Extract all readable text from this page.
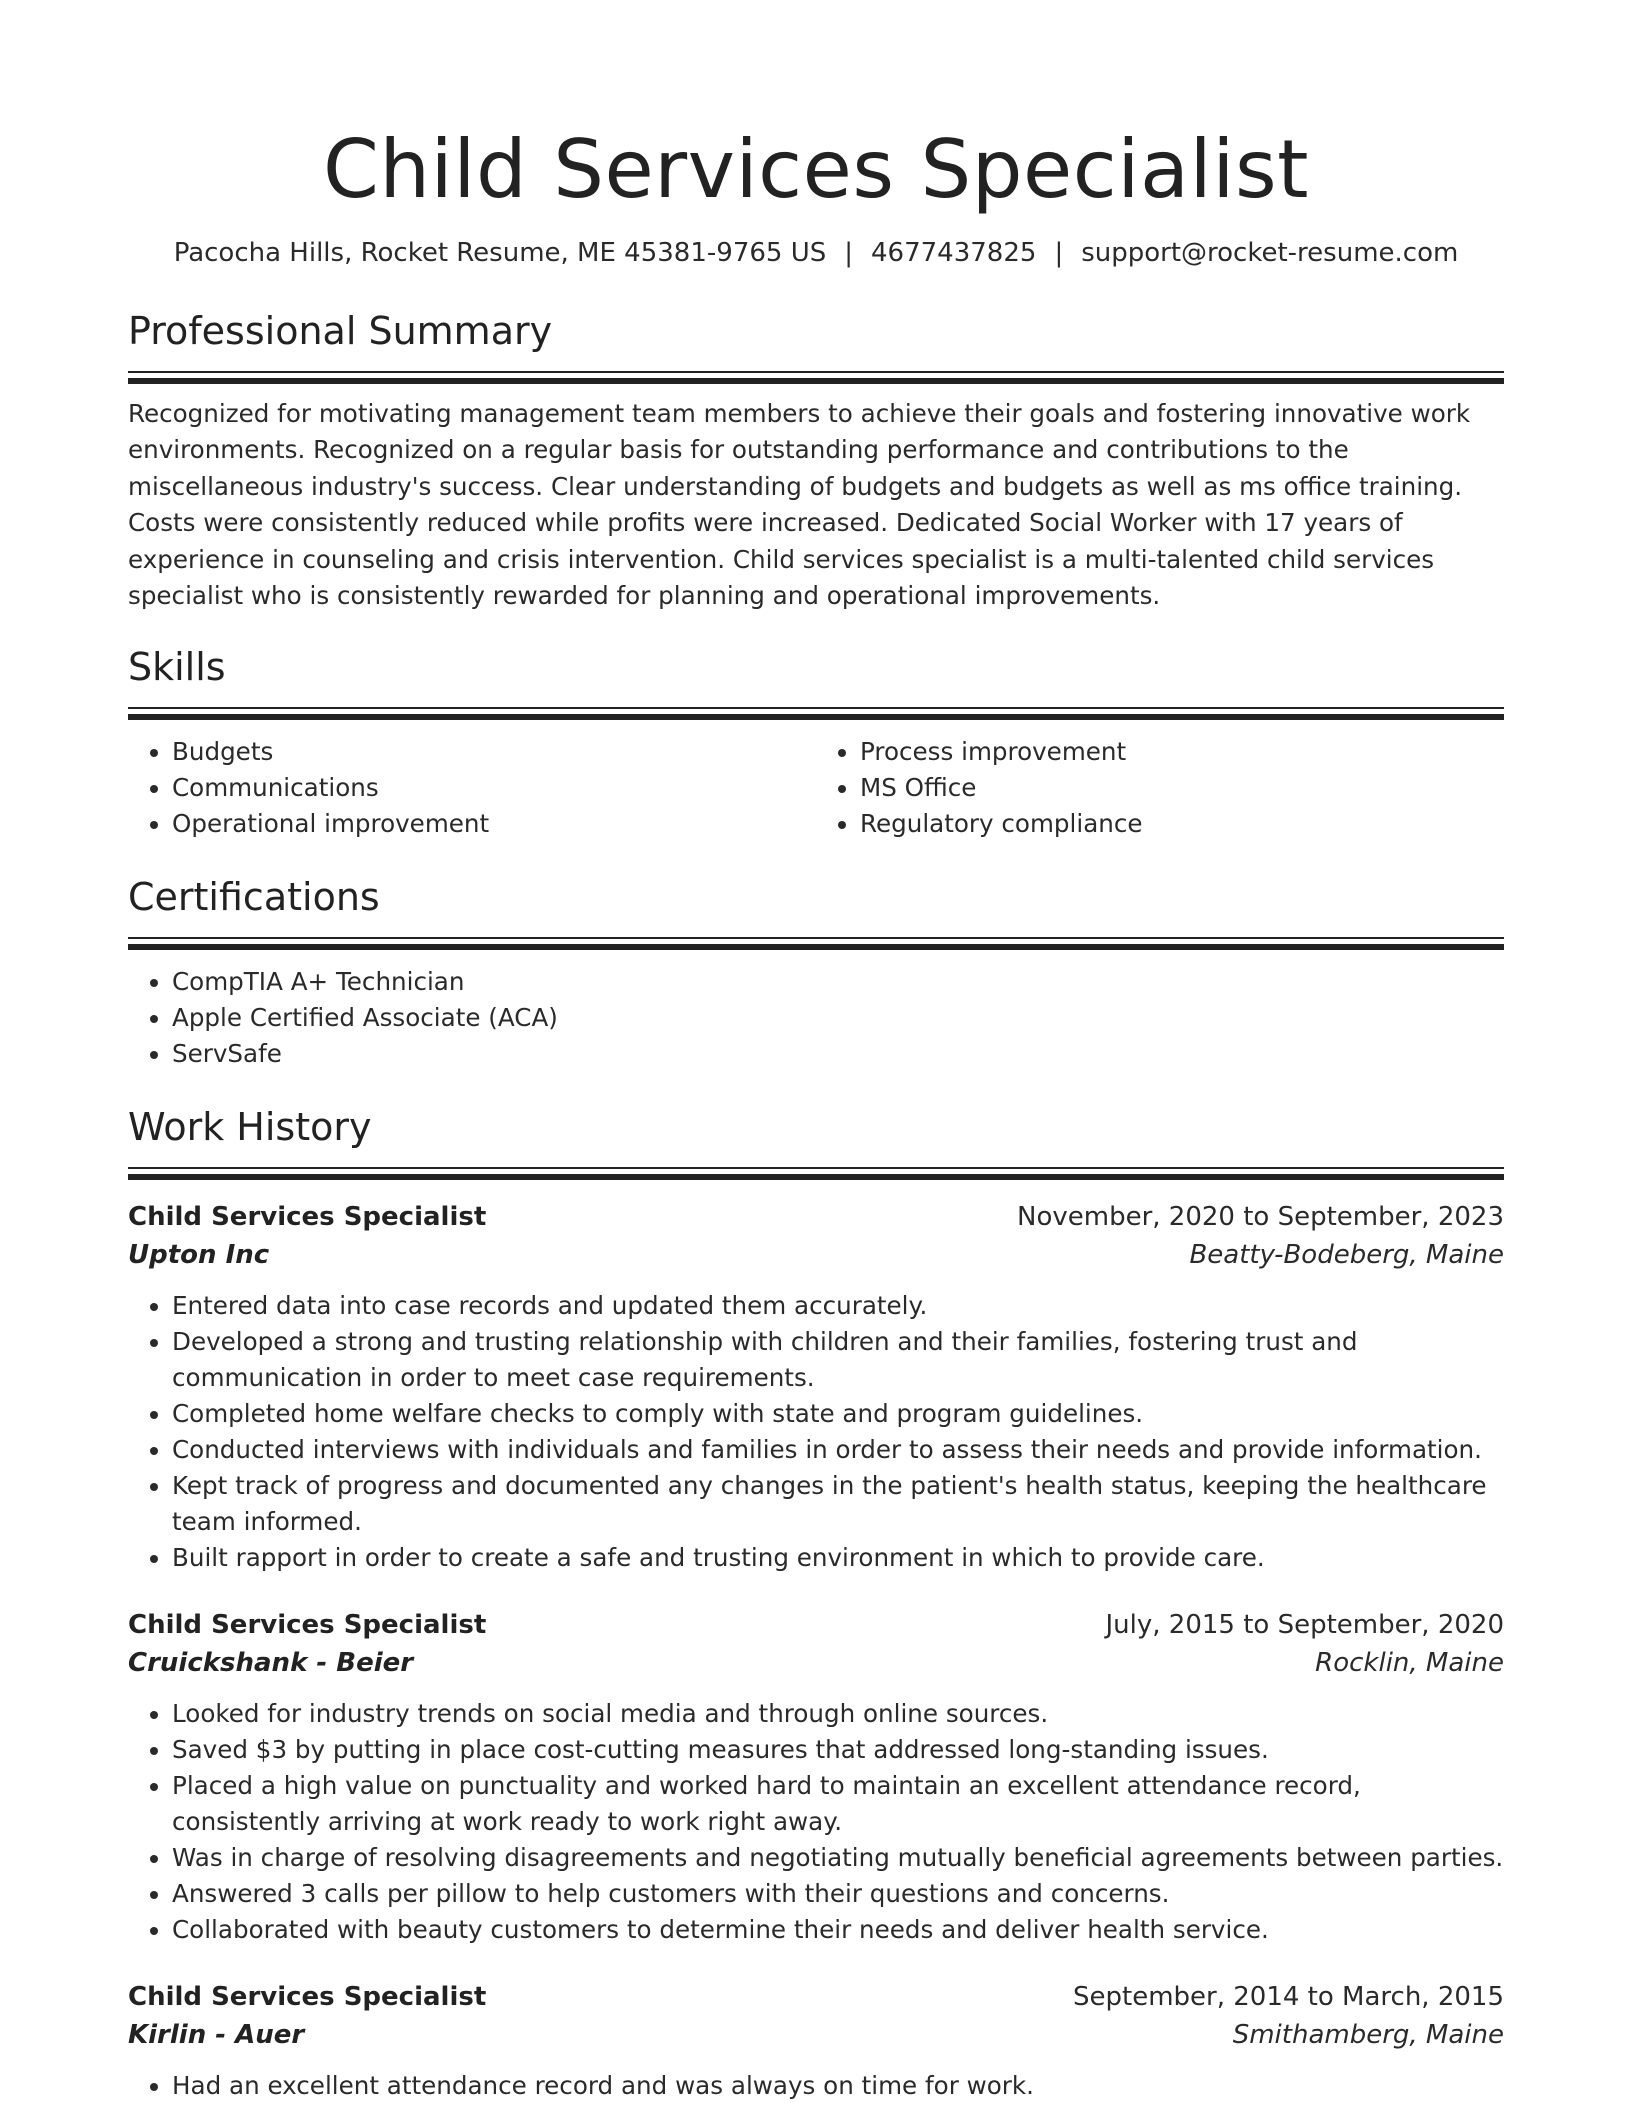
Child Services Specialist
Pacocha Hills, Rocket Resume, ME 45381-9765 US | 4677437825 | support@rocket-resume.com
Professional Summary
Recognized for motivating management team members to achieve their goals and fostering innovative work environments. Recognized on a regular basis for outstanding performance and contributions to the miscellaneous industry's success. Clear understanding of budgets and budgets as well as ms office training. Costs were consistently reduced while profits were increased. Dedicated Social Worker with 17 years of experience in counseling and crisis intervention. Child services specialist is a multi-talented child services specialist who is consistently rewarded for planning and operational improvements.
Skills
• Budgets
• Communications
• Operational improvement
• Process improvement
• MS Office
• Regulatory compliance
Certifications
• CompTIA A+ Technician
• Apple Certified Associate (ACA)
• ServSafe
Work History
Child Services Specialist	November, 2020 to September, 2023
Upton Inc	Beatty-Bodeberg, Maine
• Entered data into case records and updated them accurately.
• Developed a strong and trusting relationship with children and their families, fostering trust and communication in order to meet case requirements.
• Completed home welfare checks to comply with state and program guidelines.
• Conducted interviews with individuals and families in order to assess their needs and provide information.
• Kept track of progress and documented any changes in the patient's health status, keeping the healthcare team informed.
• Built rapport in order to create a safe and trusting environment in which to provide care.
Child Services Specialist	July, 2015 to September, 2020
Cruickshank - Beier	Rocklin, Maine
• Looked for industry trends on social media and through online sources.
• Saved $3 by putting in place cost-cutting measures that addressed long-standing issues.
• Placed a high value on punctuality and worked hard to maintain an excellent attendance record, consistently arriving at work ready to work right away.
• Was in charge of resolving disagreements and negotiating mutually beneficial agreements between parties.
• Answered 3 calls per pillow to help customers with their questions and concerns.
• Collaborated with beauty customers to determine their needs and deliver health service.
Child Services Specialist	September, 2014 to March, 2015
Kirlin - Auer	Smithamberg, Maine
• Had an excellent attendance record and was always on time for work.
